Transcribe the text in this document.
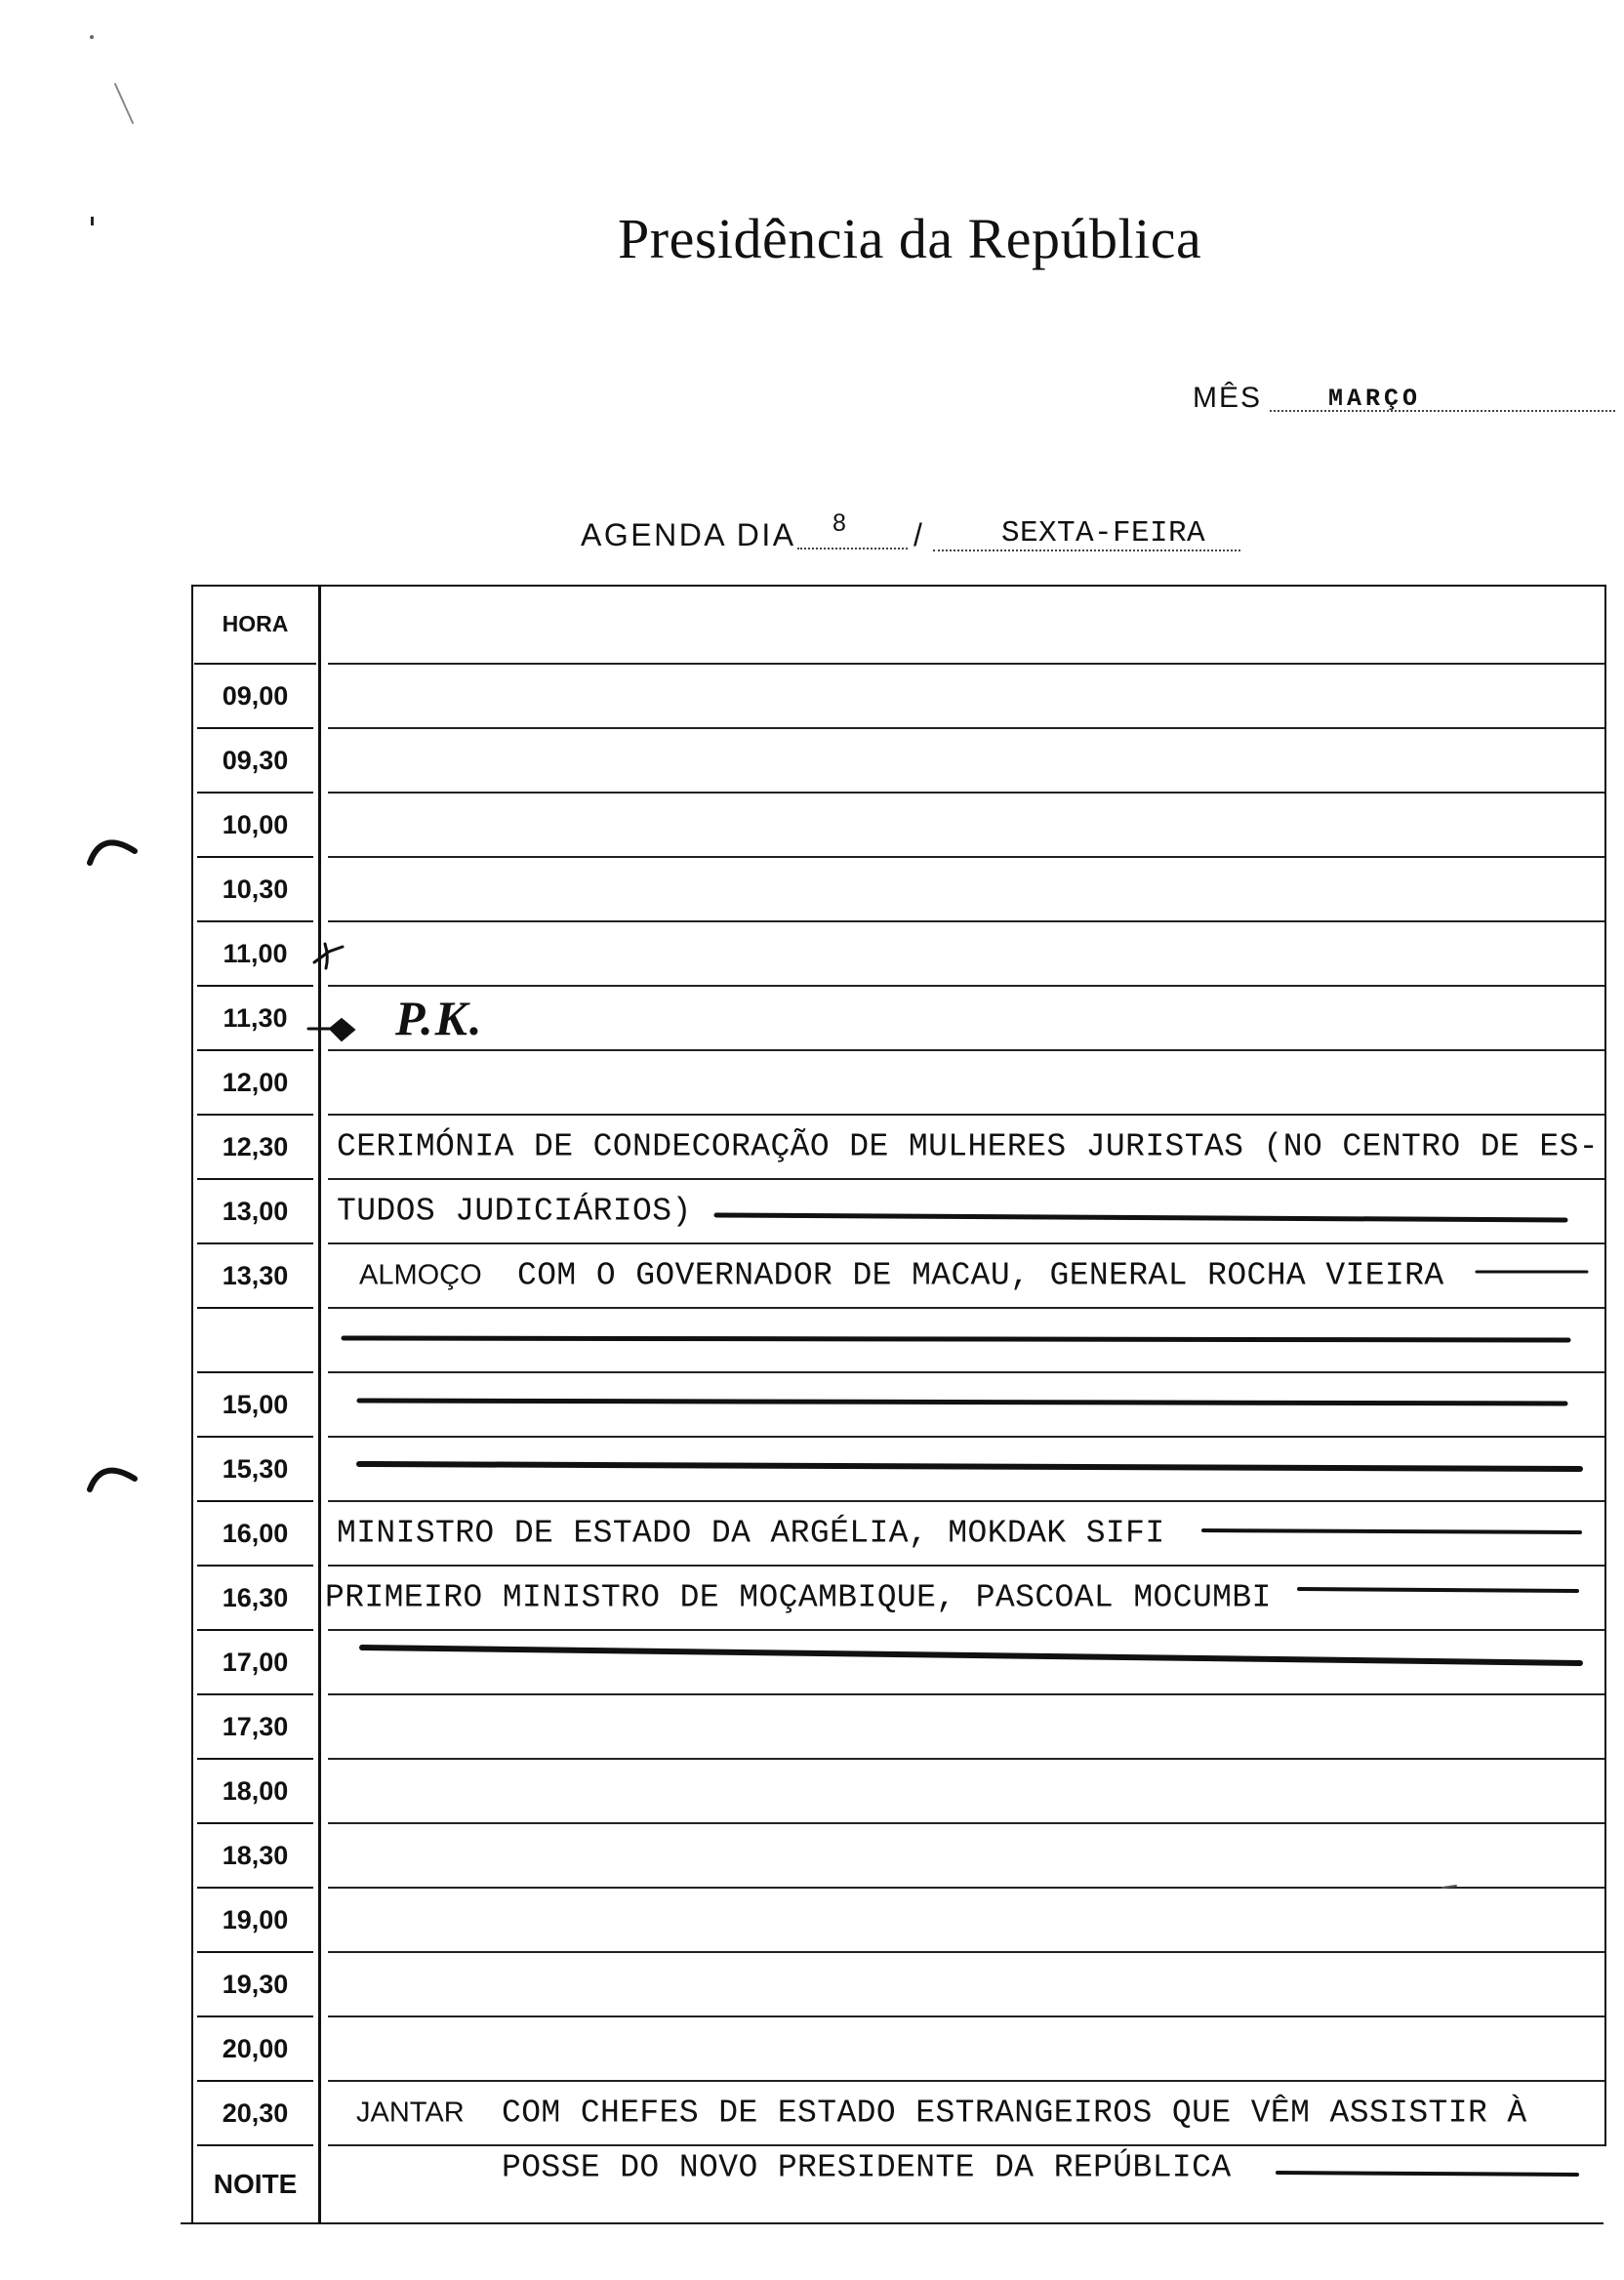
Presidência da República
MÊS	MARÇO
AGENDA DIA 8 /	SEXTA-FEIRA
HORA
09,00
09,30
10,00
10,30
11,00
11,30
12,00
12,30
13,00
13,30
15,00
15,30
16,00
16,30
17,00
17,30
18,00
18,30
19,00
19,30
20,00
20,30
NOITE
P.K.
CERIMÓNIA DE CONDECORAÇÃO DE MULHERES JURISTAS (NO CENTRO DE ES-
TUDOS JUDICIÁRIOS)
ALMOÇO COM O GOVERNADOR DE MACAU, GENERAL ROCHA VIEIRA
MINISTRO DE ESTADO DA ARGÉLIA, MOKDAK SIFI
PRIMEIRO MINISTRO DE MOÇAMBIQUE, PASCOAL MOCUMBI
JANTAR COM CHEFES DE ESTADO ESTRANGEIROS QUE VÊM ASSISTIR À
POSSE DO NOVO PRESIDENTE DA REPÚBLICA
